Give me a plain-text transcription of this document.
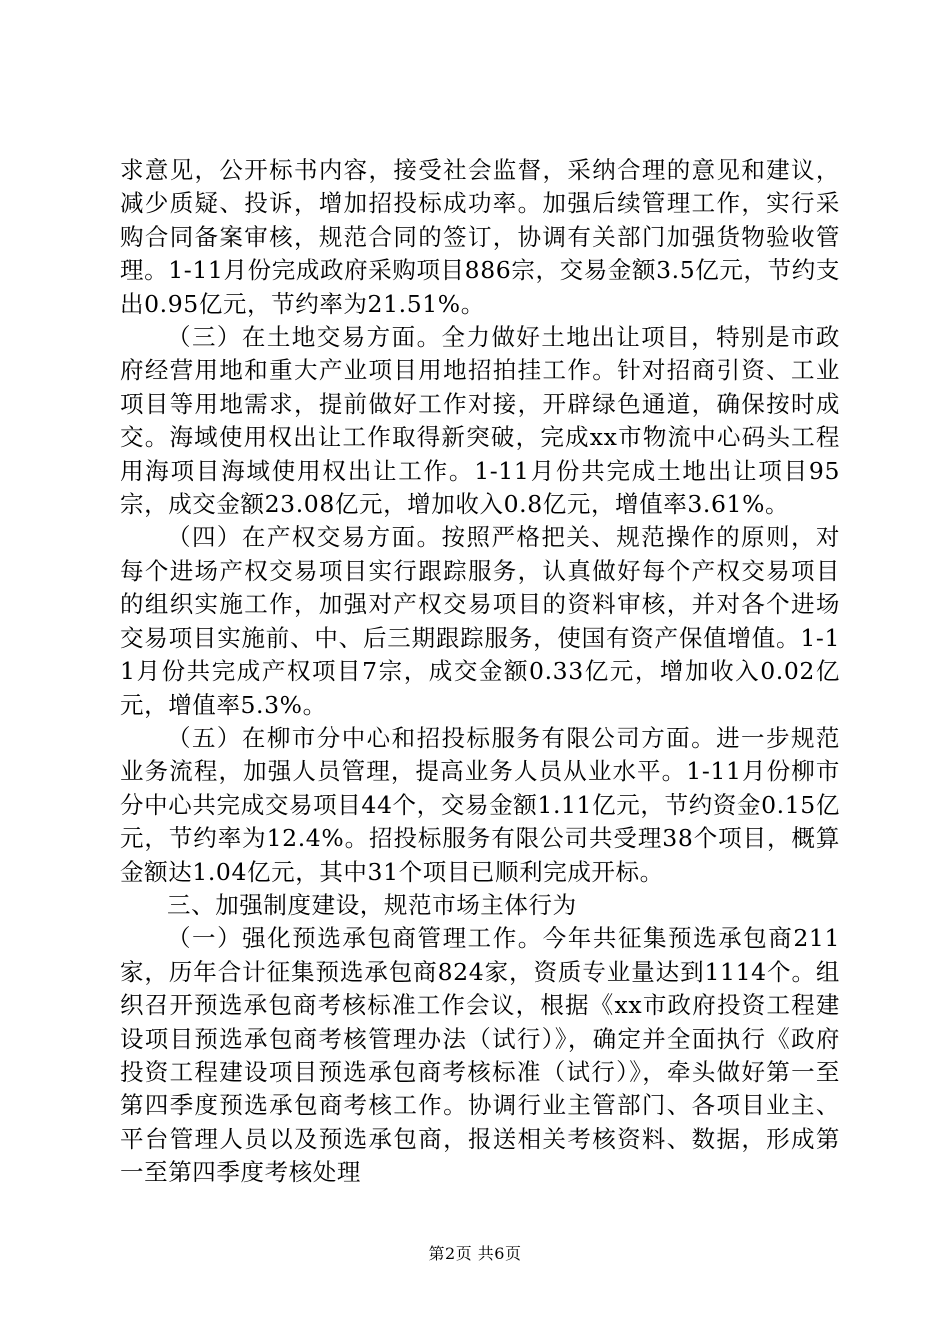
求意见，公开标书内容，接受社会监督，采纳合理的意见和建议，减少质疑、投诉，增加招投标成功率。加强后续管理工作，实行采购合同备案审核，规范合同的签订，协调有关部门加强货物验收管理。1-11月份完成政府采购项目886宗，交易金额3.5亿元，节约支出0.95亿元，节约率为21.51%。

（三）在土地交易方面。全力做好土地出让项目，特别是市政府经营用地和重大产业项目用地招拍挂工作。针对招商引资、工业项目等用地需求，提前做好工作对接，开辟绿色通道，确保按时成交。海域使用权出让工作取得新突破，完成xx市物流中心码头工程用海项目海域使用权出让工作。1-11月份共完成土地出让项目95宗，成交金额23.08亿元，增加收入0.8亿元，增值率3.61%。

（四）在产权交易方面。按照严格把关、规范操作的原则，对每个进场产权交易项目实行跟踪服务，认真做好每个产权交易项目的组织实施工作，加强对产权交易项目的资料审核，并对各个进场交易项目实施前、中、后三期跟踪服务，使国有资产保值增值。1-11月份共完成产权项目7宗，成交金额0.33亿元，增加收入0.02亿元，增值率5.3%。

（五）在柳市分中心和招投标服务有限公司方面。进一步规范业务流程，加强人员管理，提高业务人员从业水平。1-11月份柳市分中心共完成交易项目44个，交易金额1.11亿元，节约资金0.15亿元，节约率为12.4%。招投标服务有限公司共受理38个项目，概算金额达1.04亿元，其中31个项目已顺利完成开标。

三、加强制度建设，规范市场主体行为

（一）强化预选承包商管理工作。今年共征集预选承包商211家，历年合计征集预选承包商824家，资质专业量达到1114个。组织召开预选承包商考核标准工作会议，根据《xx市政府投资工程建设项目预选承包商考核管理办法（试行）》，确定并全面执行《政府投资工程建设项目预选承包商考核标准（试行）》，牵头做好第一至第四季度预选承包商考核工作。协调行业主管部门、各项目业主、平台管理人员以及预选承包商，报送相关考核资料、数据，形成第一至第四季度考核处理

第2页 共6页
